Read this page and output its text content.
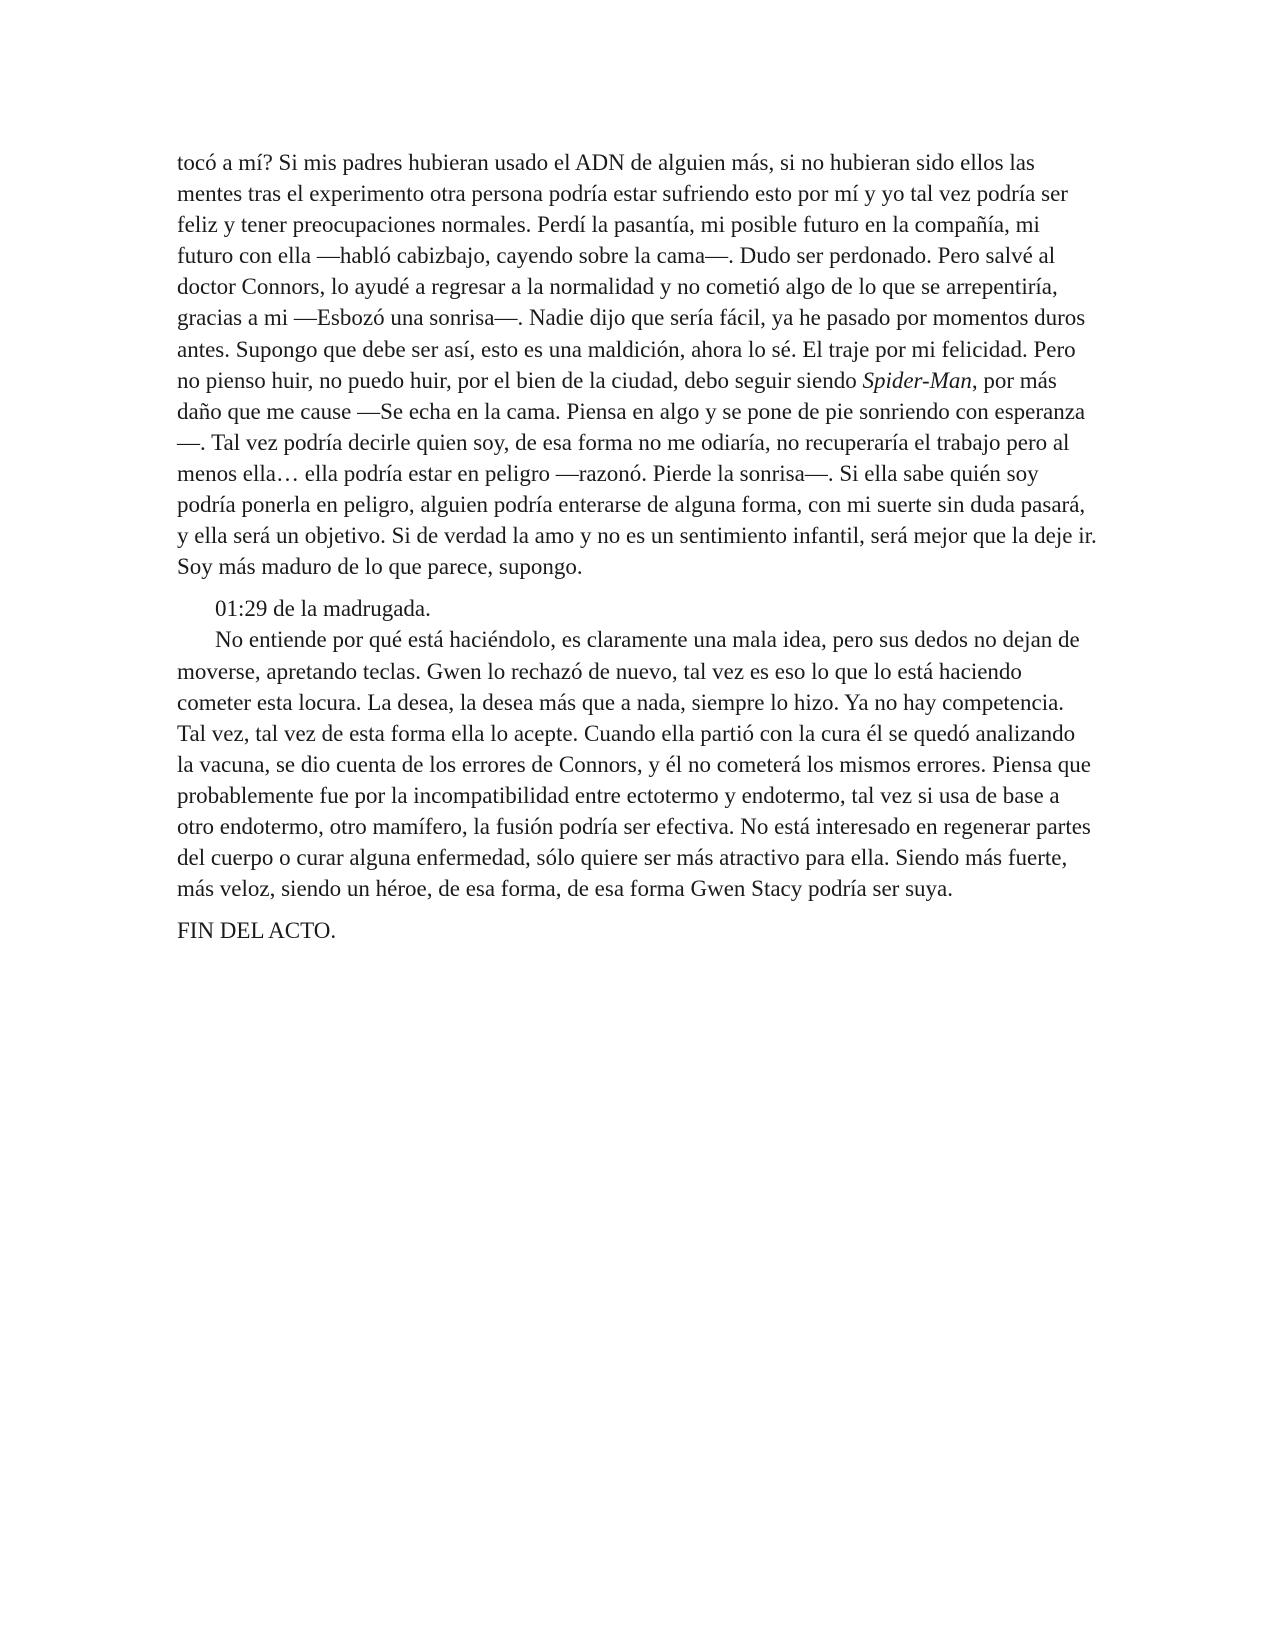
tocó a mí? Si mis padres hubieran usado el ADN de alguien más, si no hubieran sido ellos las mentes tras el experimento otra persona podría estar sufriendo esto por mí y yo tal vez podría ser feliz y tener preocupaciones normales. Perdí la pasantía, mi posible futuro en la compañía, mi futuro con ella —habló cabizbajo, cayendo sobre la cama—. Dudo ser perdonado. Pero salvé al doctor Connors, lo ayudé a regresar a la normalidad y no cometió algo de lo que se arrepentiría, gracias a mi —Esbozó una sonrisa—. Nadie dijo que sería fácil, ya he pasado por momentos duros antes. Supongo que debe ser así, esto es una maldición, ahora lo sé. El traje por mi felicidad. Pero no pienso huir, no puedo huir, por el bien de la ciudad, debo seguir siendo Spider-Man, por más daño que me cause —Se echa en la cama. Piensa en algo y se pone de pie sonriendo con esperanza—. Tal vez podría decirle quien soy, de esa forma no me odiaría, no recuperaría el trabajo pero al menos ella… ella podría estar en peligro —razonó. Pierde la sonrisa—. Si ella sabe quién soy podría ponerla en peligro, alguien podría enterarse de alguna forma, con mi suerte sin duda pasará, y ella será un objetivo. Si de verdad la amo y no es un sentimiento infantil, será mejor que la deje ir. Soy más maduro de lo que parece, supongo.

01:29 de la madrugada.

No entiende por qué está haciéndolo, es claramente una mala idea, pero sus dedos no dejan de moverse, apretando teclas. Gwen lo rechazó de nuevo, tal vez es eso lo que lo está haciendo cometer esta locura. La desea, la desea más que a nada, siempre lo hizo. Ya no hay competencia. Tal vez, tal vez de esta forma ella lo acepte. Cuando ella partió con la cura él se quedó analizando la vacuna, se dio cuenta de los errores de Connors, y él no cometerá los mismos errores. Piensa que probablemente fue por la incompatibilidad entre ectotermo y endotermo, tal vez si usa de base a otro endotermo, otro mamífero, la fusión podría ser efectiva. No está interesado en regenerar partes del cuerpo o curar alguna enfermedad, sólo quiere ser más atractivo para ella. Siendo más fuerte, más veloz, siendo un héroe, de esa forma, de esa forma Gwen Stacy podría ser suya.

FIN DEL ACTO.
